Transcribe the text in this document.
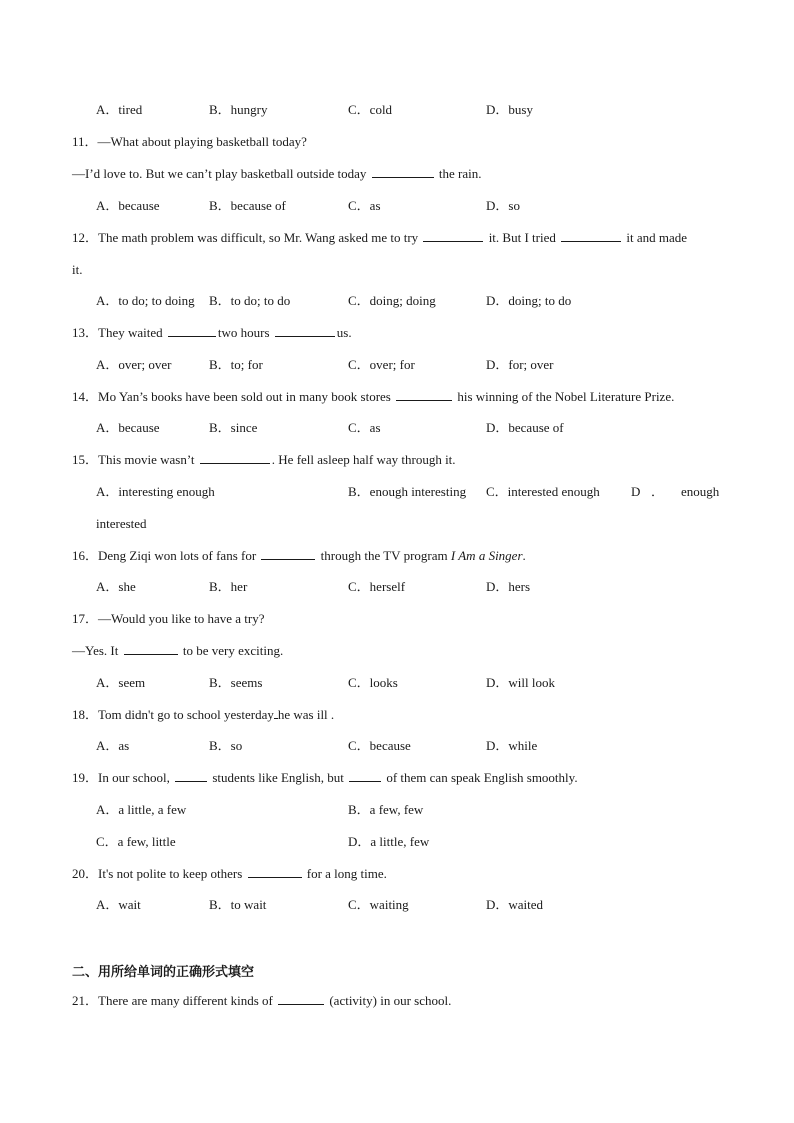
A．tired	B．hungry	C．cold	D．busy
11．—What about playing basketball today?
—I’d love to. But we can’t play basketball outside today	the rain.
A．because	B．because of	C．as	D．so
12．The math problem was difficult, so Mr. Wang asked me to try	it. But I tried	it and made
it.
A．to do; to doing B．to do; to do	C．doing; doing	D．doing; to do
13．They waited	two hours	us.
A．over; over	B．to; for	C．over; for	D．for; over
14．Mo Yan’s books have been sold out in many book stores	his winning of the Nobel Literature Prize.
A．because	B．since	C．as	D．because of
15．This movie wasn’t	. He fell asleep half way through it.
A．interesting enough	B．enough interesting C．interested enough D ． enough
interested
16．Deng Ziqi won lots of fans for	through the TV program I Am a Singer.
A．she	B．her	C．herself	D．hers
17．—Would you like to have a try?
—Yes. It	to be very exciting.
A．seem	B．seems	C．looks	D．will look
18．Tom didn't go to school yesterday he was ill .
A．as	B．so	C．because	D．while
19．In our school,	students like English, but	of them can speak English smoothly.
A．a little, a few	B．a few, few
C．a few, little	D．a little, few
20．It's not polite to keep others	for a long time.
A．wait	B．to wait	C．waiting	D．waited
二、用所给单词的正确形式填空
21．There are many different kinds of	(activity) in our school.
